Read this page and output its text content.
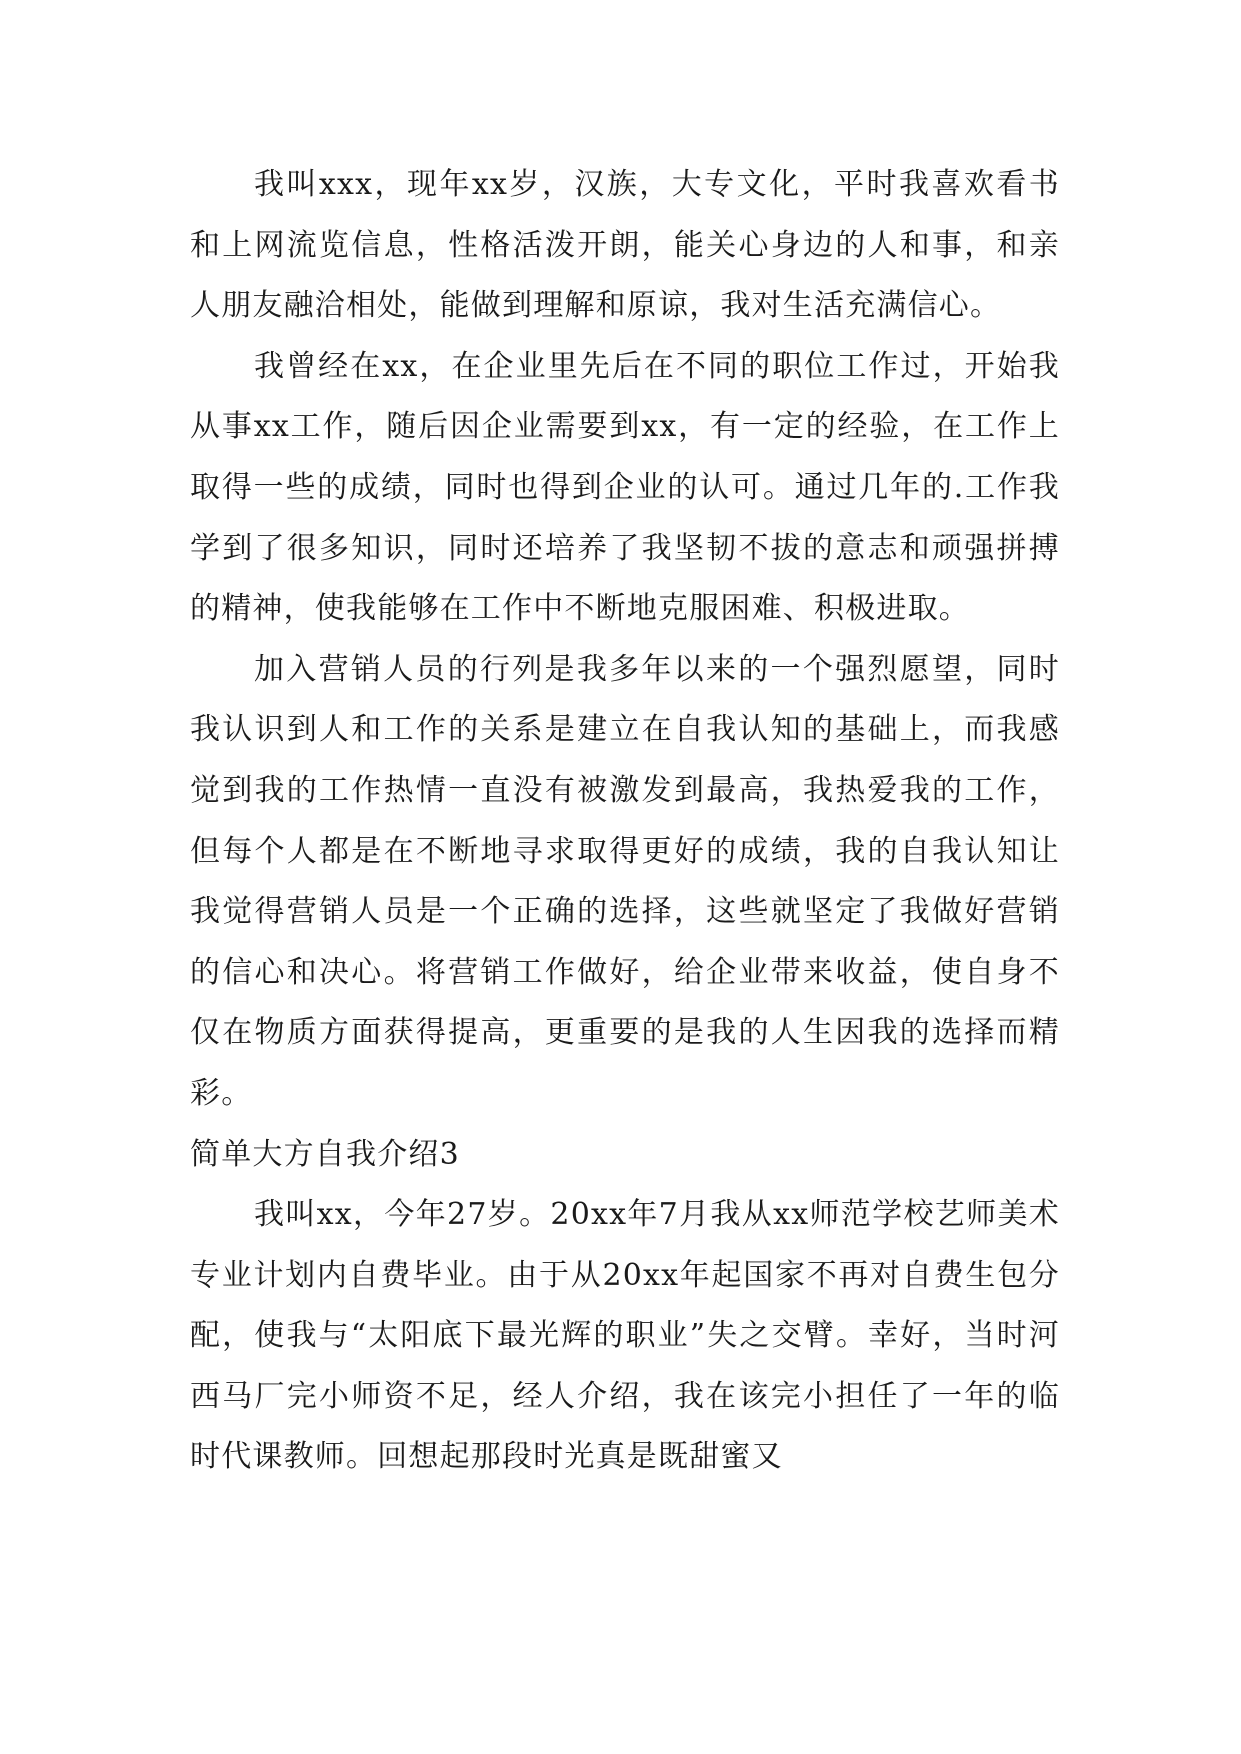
我叫xxx，现年xx岁，汉族，大专文化，平时我喜欢看书和上网流览信息，性格活泼开朗，能关心身边的人和事，和亲人朋友融洽相处，能做到理解和原谅，我对生活充满信心。

我曾经在xx，在企业里先后在不同的职位工作过，开始我从事xx工作，随后因企业需要到xx，有一定的经验，在工作上取得一些的成绩，同时也得到企业的认可。通过几年的.工作我学到了很多知识，同时还培养了我坚韧不拔的意志和顽强拼搏的精神，使我能够在工作中不断地克服困难、积极进取。

加入营销人员的行列是我多年以来的一个强烈愿望，同时我认识到人和工作的关系是建立在自我认知的基础上，而我感觉到我的工作热情一直没有被激发到最高，我热爱我的工作，但每个人都是在不断地寻求取得更好的成绩，我的自我认知让我觉得营销人员是一个正确的选择，这些就坚定了我做好营销的信心和决心。将营销工作做好，给企业带来收益，使自身不仅在物质方面获得提高，更重要的是我的人生因我的选择而精彩。

简单大方自我介绍3

我叫xx，今年27岁。20xx年7月我从xx师范学校艺师美术专业计划内自费毕业。由于从20xx年起国家不再对自费生包分配，使我与“太阳底下最光辉的职业”失之交臂。幸好，当时河西马厂完小师资不足，经人介绍，我在该完小担任了一年的临时代课教师。回想起那段时光真是既甜蜜又
